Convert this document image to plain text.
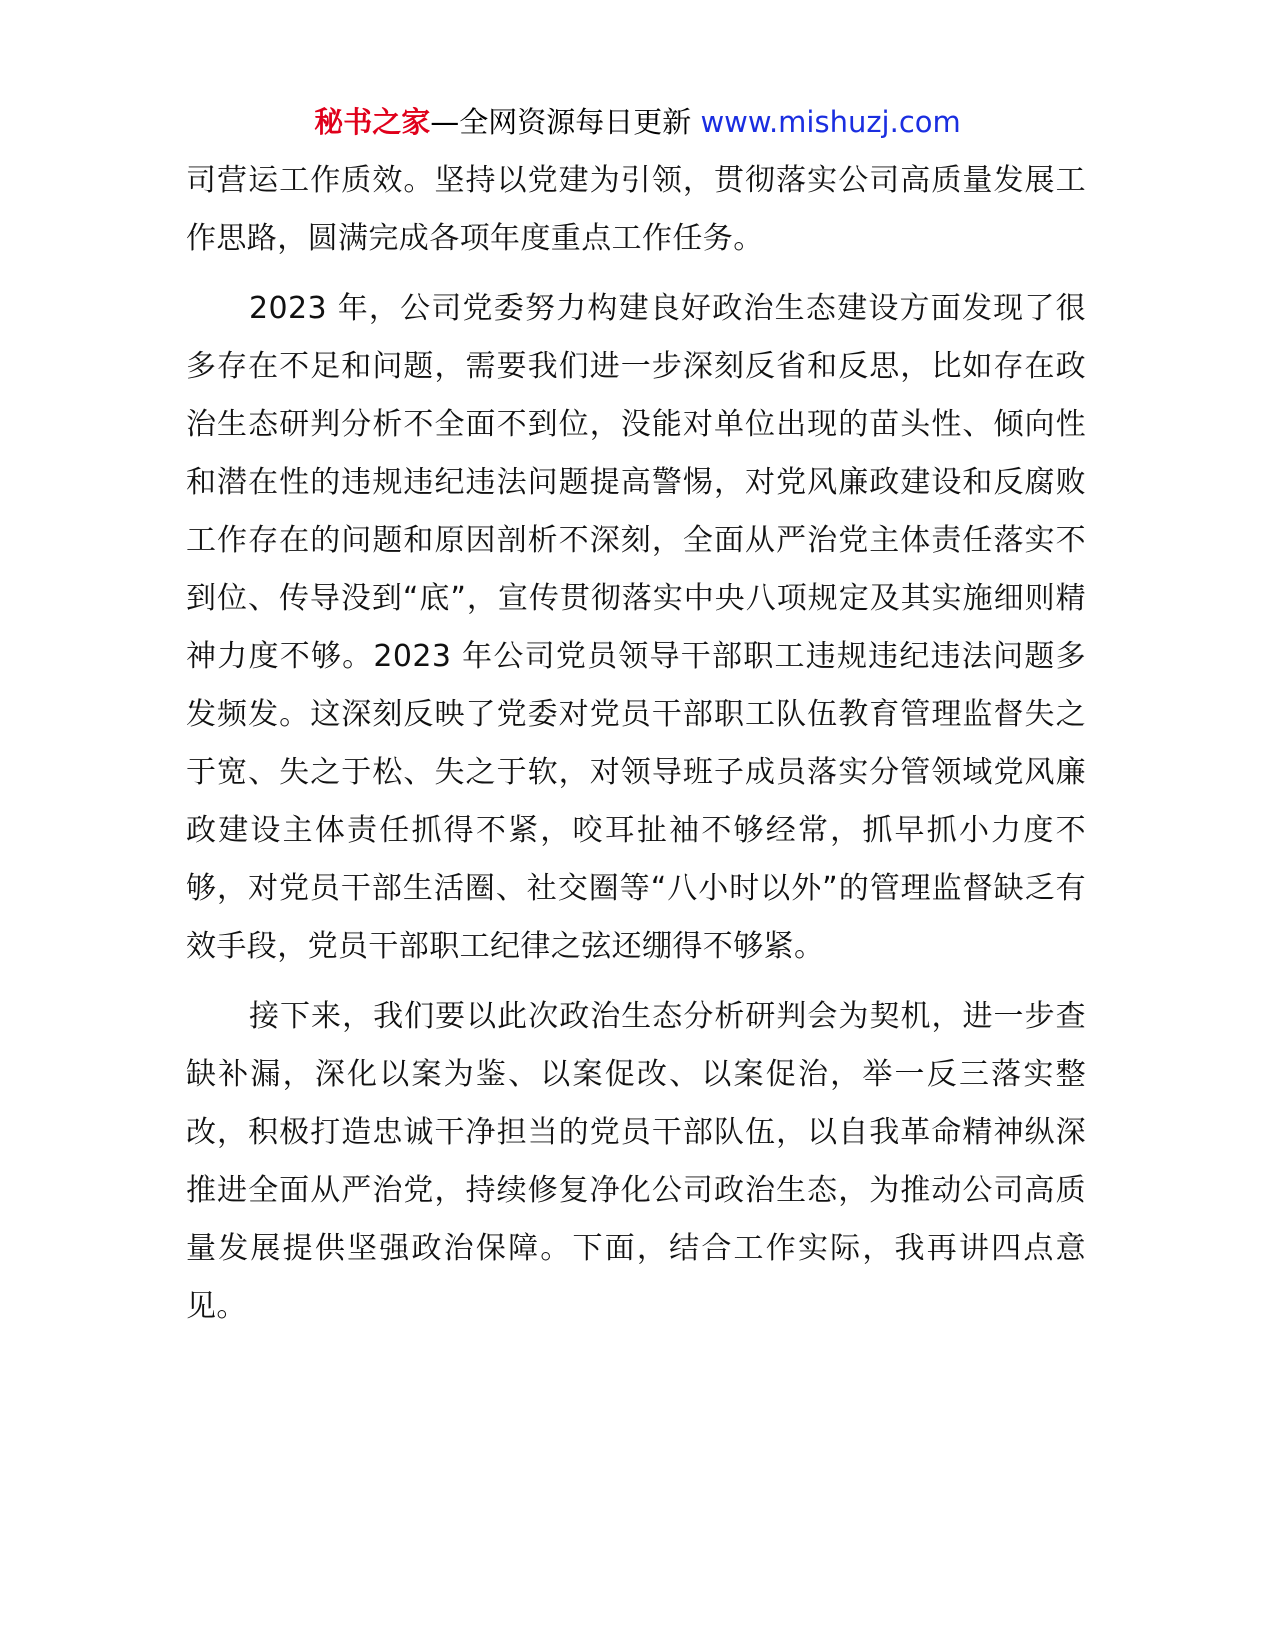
秘书之家—全网资源每日更新 www.mishuzj.com

司营运工作质效。坚持以党建为引领，贯彻落实公司高质量发展工作思路，圆满完成各项年度重点工作任务。

2023 年，公司党委努力构建良好政治生态建设方面发现了很多存在不足和问题，需要我们进一步深刻反省和反思，比如存在政治生态研判分析不全面不到位，没能对单位出现的苗头性、倾向性和潜在性的违规违纪违法问题提高警惕，对党风廉政建设和反腐败工作存在的问题和原因剖析不深刻，全面从严治党主体责任落实不到位、传导没到“底”，宣传贯彻落实中央八项规定及其实施细则精神力度不够。2023 年公司党员领导干部职工违规违纪违法问题多发频发。这深刻反映了党委对党员干部职工队伍教育管理监督失之于宽、失之于松、失之于软，对领导班子成员落实分管领域党风廉政建设主体责任抓得不紧，咬耳扯袖不够经常，抓早抓小力度不够，对党员干部生活圈、社交圈等“八小时以外”的管理监督缺乏有效手段，党员干部职工纪律之弦还绷得不够紧。

接下来，我们要以此次政治生态分析研判会为契机，进一步查缺补漏，深化以案为鉴、以案促改、以案促治，举一反三落实整改，积极打造忠诚干净担当的党员干部队伍，以自我革命精神纵深推进全面从严治党，持续修复净化公司政治生态，为推动公司高质量发展提供坚强政治保障。下面，结合工作实际，我再讲四点意见。
